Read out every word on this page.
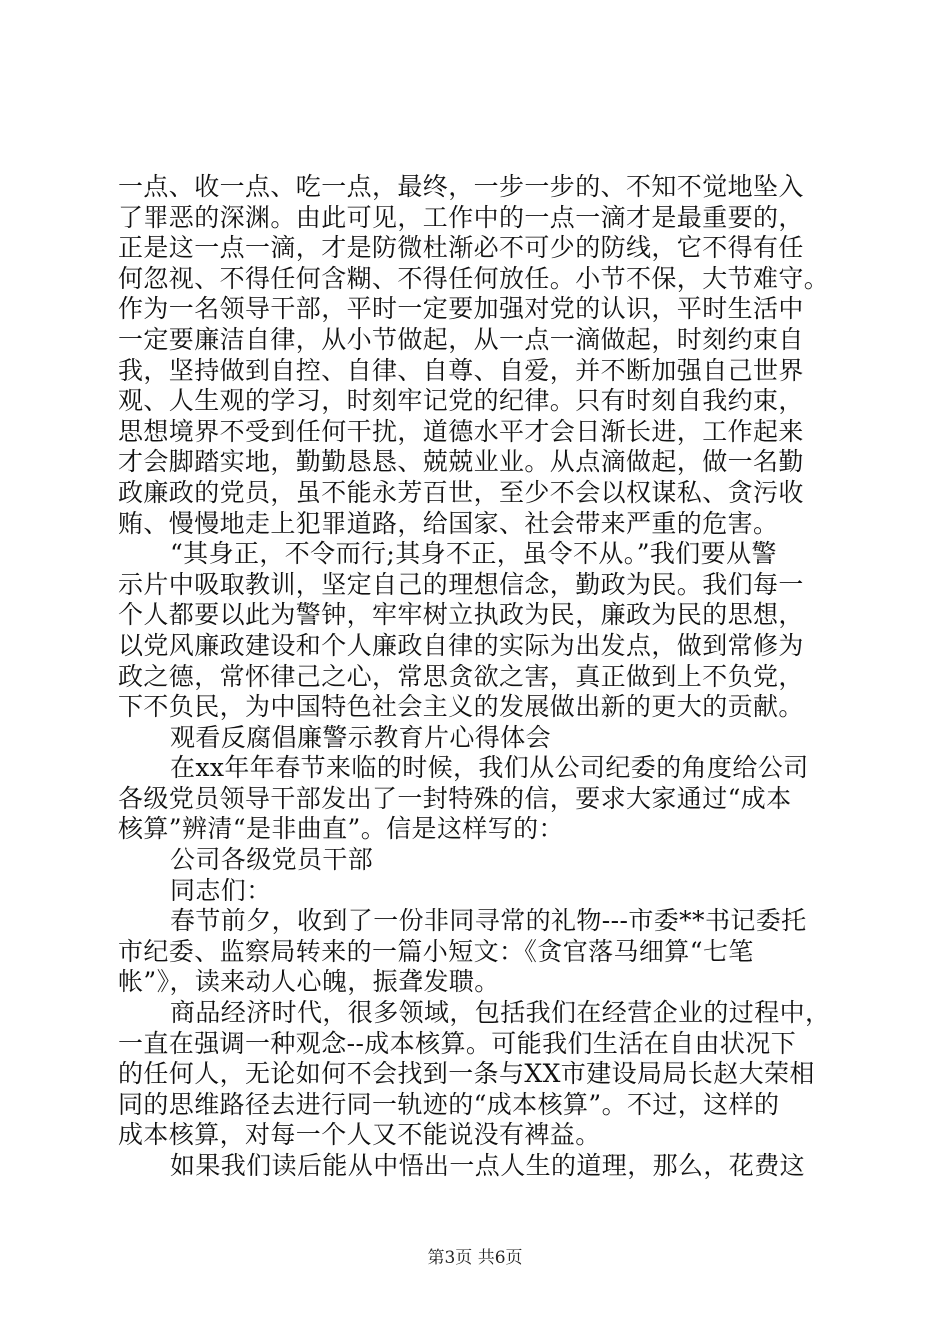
一点、收一点、吃一点，最终，一步一步的、不知不觉地坠入
了罪恶的深渊。由此可见，工作中的一点一滴才是最重要的，
正是这一点一滴，才是防微杜渐必不可少的防线，它不得有任
何忽视、不得任何含糊、不得任何放任。小节不保，大节难守。
作为一名领导干部，平时一定要加强对党的认识，平时生活中
一定要廉洁自律，从小节做起，从一点一滴做起，时刻约束自
我，坚持做到自控、自律、自尊、自爱，并不断加强自己世界
观、人生观的学习，时刻牢记党的纪律。只有时刻自我约束，
思想境界不受到任何干扰，道德水平才会日渐长进，工作起来
才会脚踏实地，勤勤恳恳、兢兢业业。从点滴做起，做一名勤
政廉政的党员，虽不能永芳百世，至少不会以权谋私、贪污收
贿、慢慢地走上犯罪道路，给国家、社会带来严重的危害。
“其身正，不令而行;其身不正，虽令不从。”我们要从警
示片中吸取教训，坚定自己的理想信念，勤政为民。我们每一
个人都要以此为警钟，牢牢树立执政为民，廉政为民的思想，
以党风廉政建设和个人廉政自律的实际为出发点，做到常修为
政之德，常怀律己之心，常思贪欲之害，真正做到上不负党，
下不负民，为中国特色社会主义的发展做出新的更大的贡献。
观看反腐倡廉警示教育片心得体会
在xx年年春节来临的时候，我们从公司纪委的角度给公司
各级党员领导干部发出了一封特殊的信，要求大家通过“成本
核算”辨清“是非曲直”。信是这样写的：
公司各级党员干部
同志们：
春节前夕，收到了一份非同寻常的礼物---市委**书记委托
市纪委、监察局转来的一篇小短文：《贪官落马细算“七笔
帐”》，读来动人心魄，振聋发聩。
商品经济时代，很多领域，包括我们在经营企业的过程中，
一直在强调一种观念--成本核算。可能我们生活在自由状况下
的任何人，无论如何不会找到一条与XX市建设局局长赵大荣相
同的思维路径去进行同一轨迹的“成本核算”。不过，这样的
成本核算，对每一个人又不能说没有裨益。
如果我们读后能从中悟出一点人生的道理，那么，花费这
第3页 共6页
